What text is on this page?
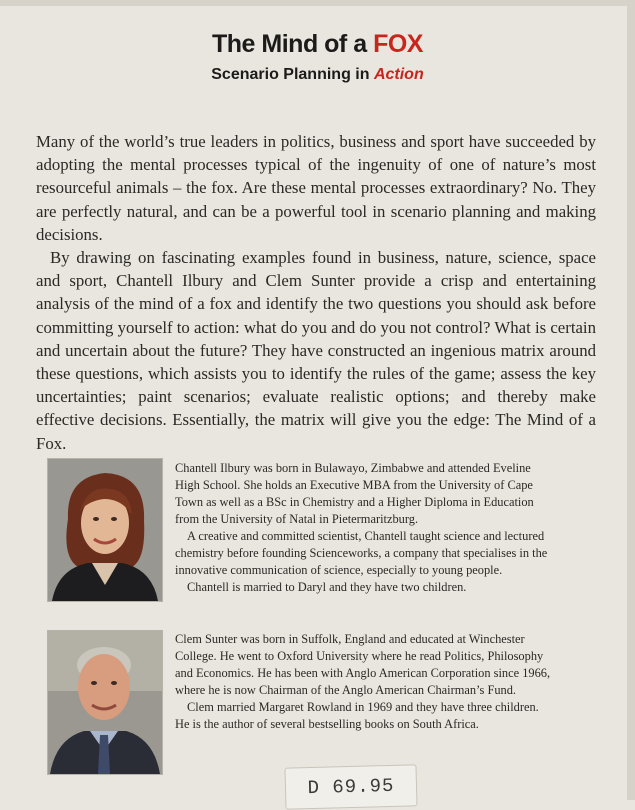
The Mind of a FOX
Scenario Planning in Action

Many of the world’s true leaders in politics, business and sport have succeeded by adopting the mental processes typical of the ingenuity of one of nature’s most resourceful animals – the fox. Are these mental processes extraordinary? No. They are perfectly natural, and can be a powerful tool in scenario planning and making decisions.

By drawing on fascinating examples found in business, nature, science, space and sport, Chantell Ilbury and Clem Sunter provide a crisp and entertaining analysis of the mind of a fox and identify the two questions you should ask before committing yourself to action: what do you and do you not control? What is certain and uncertain about the future? They have constructed an ingenious matrix around these questions, which assists you to identify the rules of the game; assess the key uncertainties; paint scenarios; evaluate realistic options; and thereby make effective decisions. Essentially, the matrix will give you the edge: The Mind of a Fox.

Chantell Ilbury was born in Bulawayo, Zimbabwe and attended Eveline High School. She holds an Executive MBA from the University of Cape Town as well as a BSc in Chemistry and a Higher Diploma in Education from the University of Natal in Pietermaritzburg.

A creative and committed scientist, Chantell taught science and lectured chemistry before founding Scienceworks, a company that specialises in the innovative communication of science, especially to young people.

Chantell is married to Daryl and they have two children.

Clem Sunter was born in Suffolk, England and educated at Winchester College. He went to Oxford University where he read Politics, Philosophy and Economics. He has been with Anglo American Corporation since 1966, where he is now Chairman of the Anglo American Chairman’s Fund.

Clem married Margaret Rowland in 1969 and they have three children. He is the author of several bestselling books on South Africa.

D 69.95
